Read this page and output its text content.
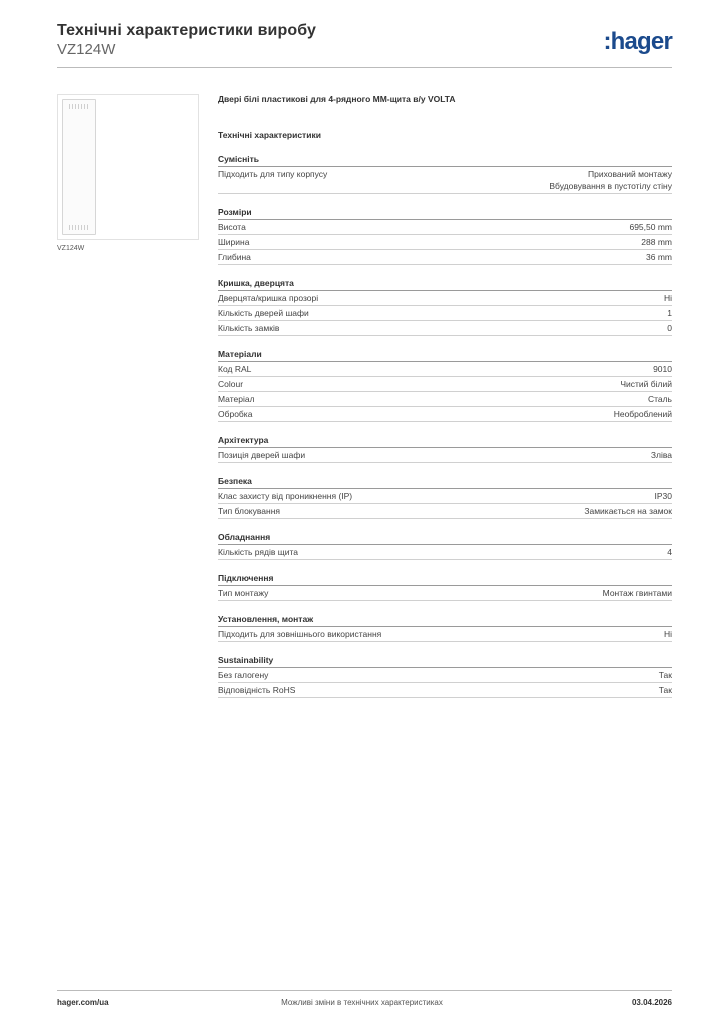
Технічні характеристики виробу
VZ124W	:hager
VZ124W
Двері білі пластикові для 4-рядного ММ-щита в/у VOLTA
Технічні характеристики
Сумісніть
Підходить для типу корпусу	Прихований монтажу
Вбудовування в пустотілу стіну
Розміри
Висота	695,50 mm
Ширина	288 mm
Глибина	36 mm
Кришка, дверцята
Дверцята/кришка прозорі	Ні
Кількість дверей шафи	1
Кількість замків	0
Матеріали
Код RAL	9010
Colour	Чистий білий
Матеріал	Сталь
Обробка	Необроблений
Архітектура
Позиція дверей шафи	Зліва
Безпека
Клас захисту від проникнення (IP)	IP30
Тип блокування	Замикається на замок
Обладнання
Кількість рядів щита	4
Підключення
Тип монтажу	Монтаж гвинтами
Установлення, монтаж
Підходить для зовнішнього використання	Ні
Sustainability
Без галогену	Так
Відповідність RoHS	Так
hager.com/ua	Можливі зміни в технічних характеристиках	03.04.2026
